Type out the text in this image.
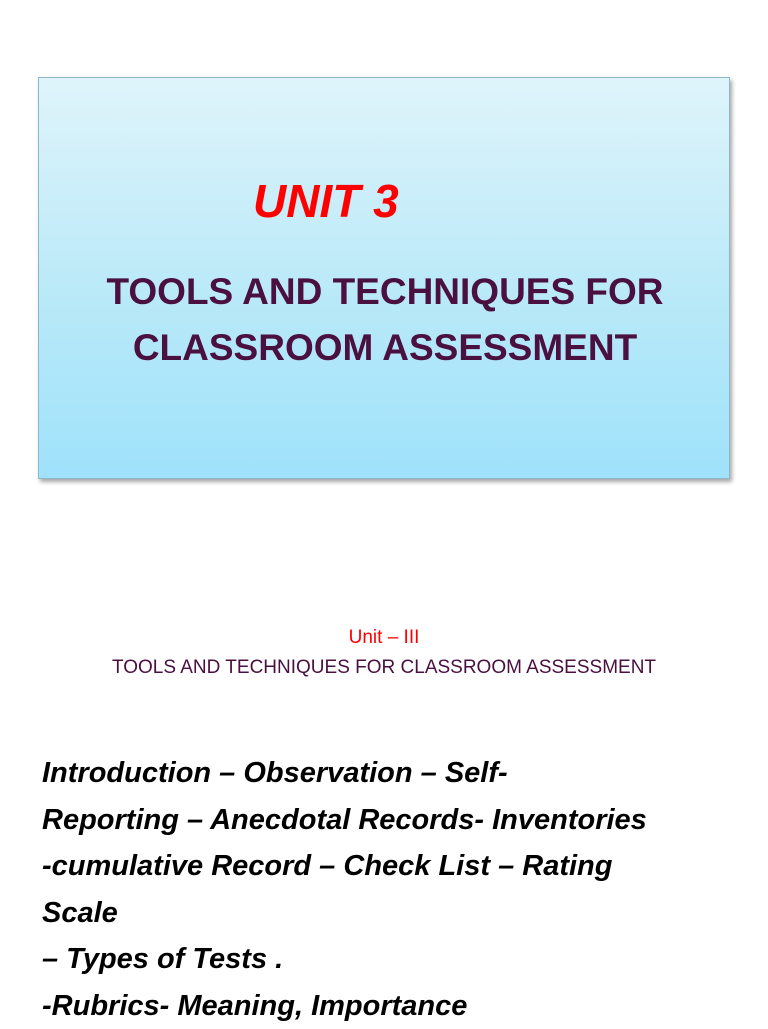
UNIT 3
TOOLS AND TECHNIQUES FOR
CLASSROOM ASSESSMENT

Unit – III

TOOLS AND TECHNIQUES FOR CLASSROOM ASSESSMENT

Introduction – Observation – Self-
Reporting – Anecdotal Records- Inventories
-cumulative Record – Check List – Rating
Scale
– Types of Tests .
-Rubrics- Meaning, Importance
